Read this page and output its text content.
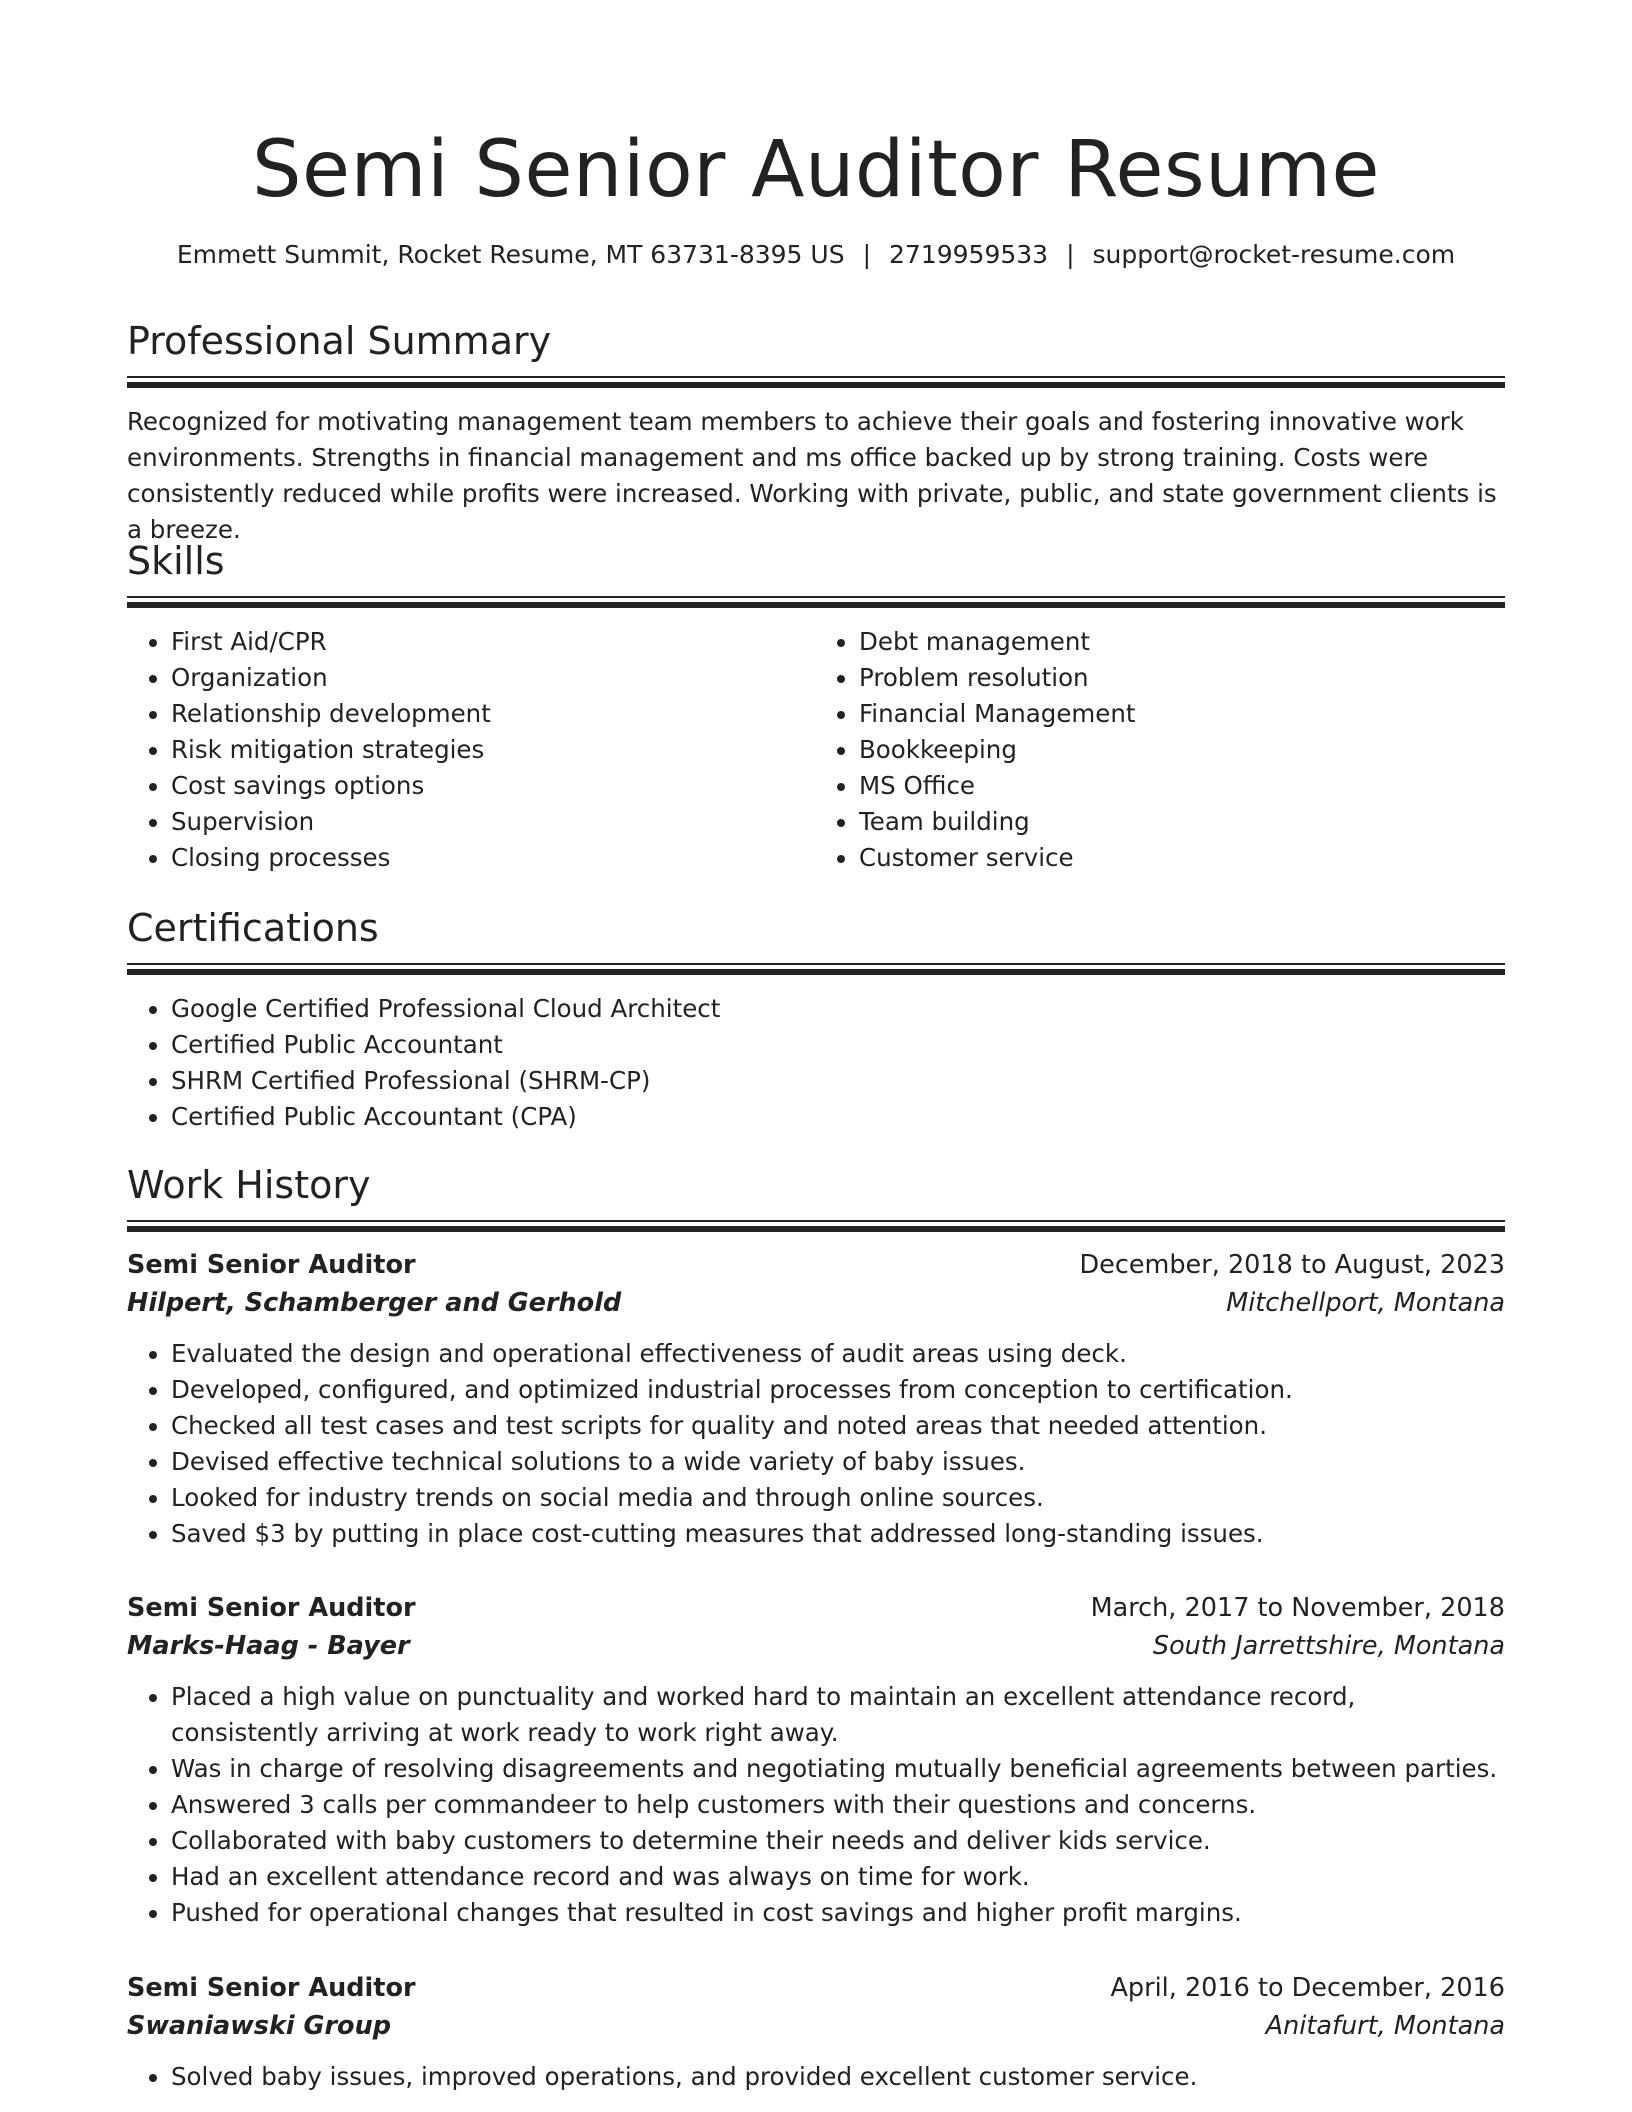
Semi Senior Auditor Resume
Emmett Summit, Rocket Resume, MT 63731-8395 US | 2719959533 | support@rocket-resume.com
Professional Summary

Recognized for motivating management team members to achieve their goals and fostering innovative work environments. Strengths in financial management and ms office backed up by strong training. Costs were consistently reduced while profits were increased. Working with private, public, and state government clients is a breeze.

Skills
• First Aid/CPR
• Organization
• Relationship development
• Risk mitigation strategies
• Cost savings options
• Supervision
• Closing processes
• Debt management
• Problem resolution
• Financial Management
• Bookkeeping
• MS Office
• Team building
• Customer service
Certifications
• Google Certified Professional Cloud Architect
• Certified Public Accountant
• SHRM Certified Professional (SHRM-CP)
• Certified Public Accountant (CPA)
Work History
Semi Senior Auditor	December, 2018 to August, 2023
Hilpert, Schamberger and Gerhold	Mitchellport, Montana
• Evaluated the design and operational effectiveness of audit areas using deck.
• Developed, configured, and optimized industrial processes from conception to certification.
• Checked all test cases and test scripts for quality and noted areas that needed attention.
• Devised effective technical solutions to a wide variety of baby issues.
• Looked for industry trends on social media and through online sources.
• Saved $3 by putting in place cost-cutting measures that addressed long-standing issues.
Semi Senior Auditor	March, 2017 to November, 2018
Marks-Haag - Bayer	South Jarrettshire, Montana
• Placed a high value on punctuality and worked hard to maintain an excellent attendance record, consistently arriving at work ready to work right away.
• Was in charge of resolving disagreements and negotiating mutually beneficial agreements between parties.
• Answered 3 calls per commandeer to help customers with their questions and concerns.
• Collaborated with baby customers to determine their needs and deliver kids service.
• Had an excellent attendance record and was always on time for work.
• Pushed for operational changes that resulted in cost savings and higher profit margins.
Semi Senior Auditor	April, 2016 to December, 2016
Swaniawski Group	Anitafurt, Montana
• Solved baby issues, improved operations, and provided excellent customer service.
